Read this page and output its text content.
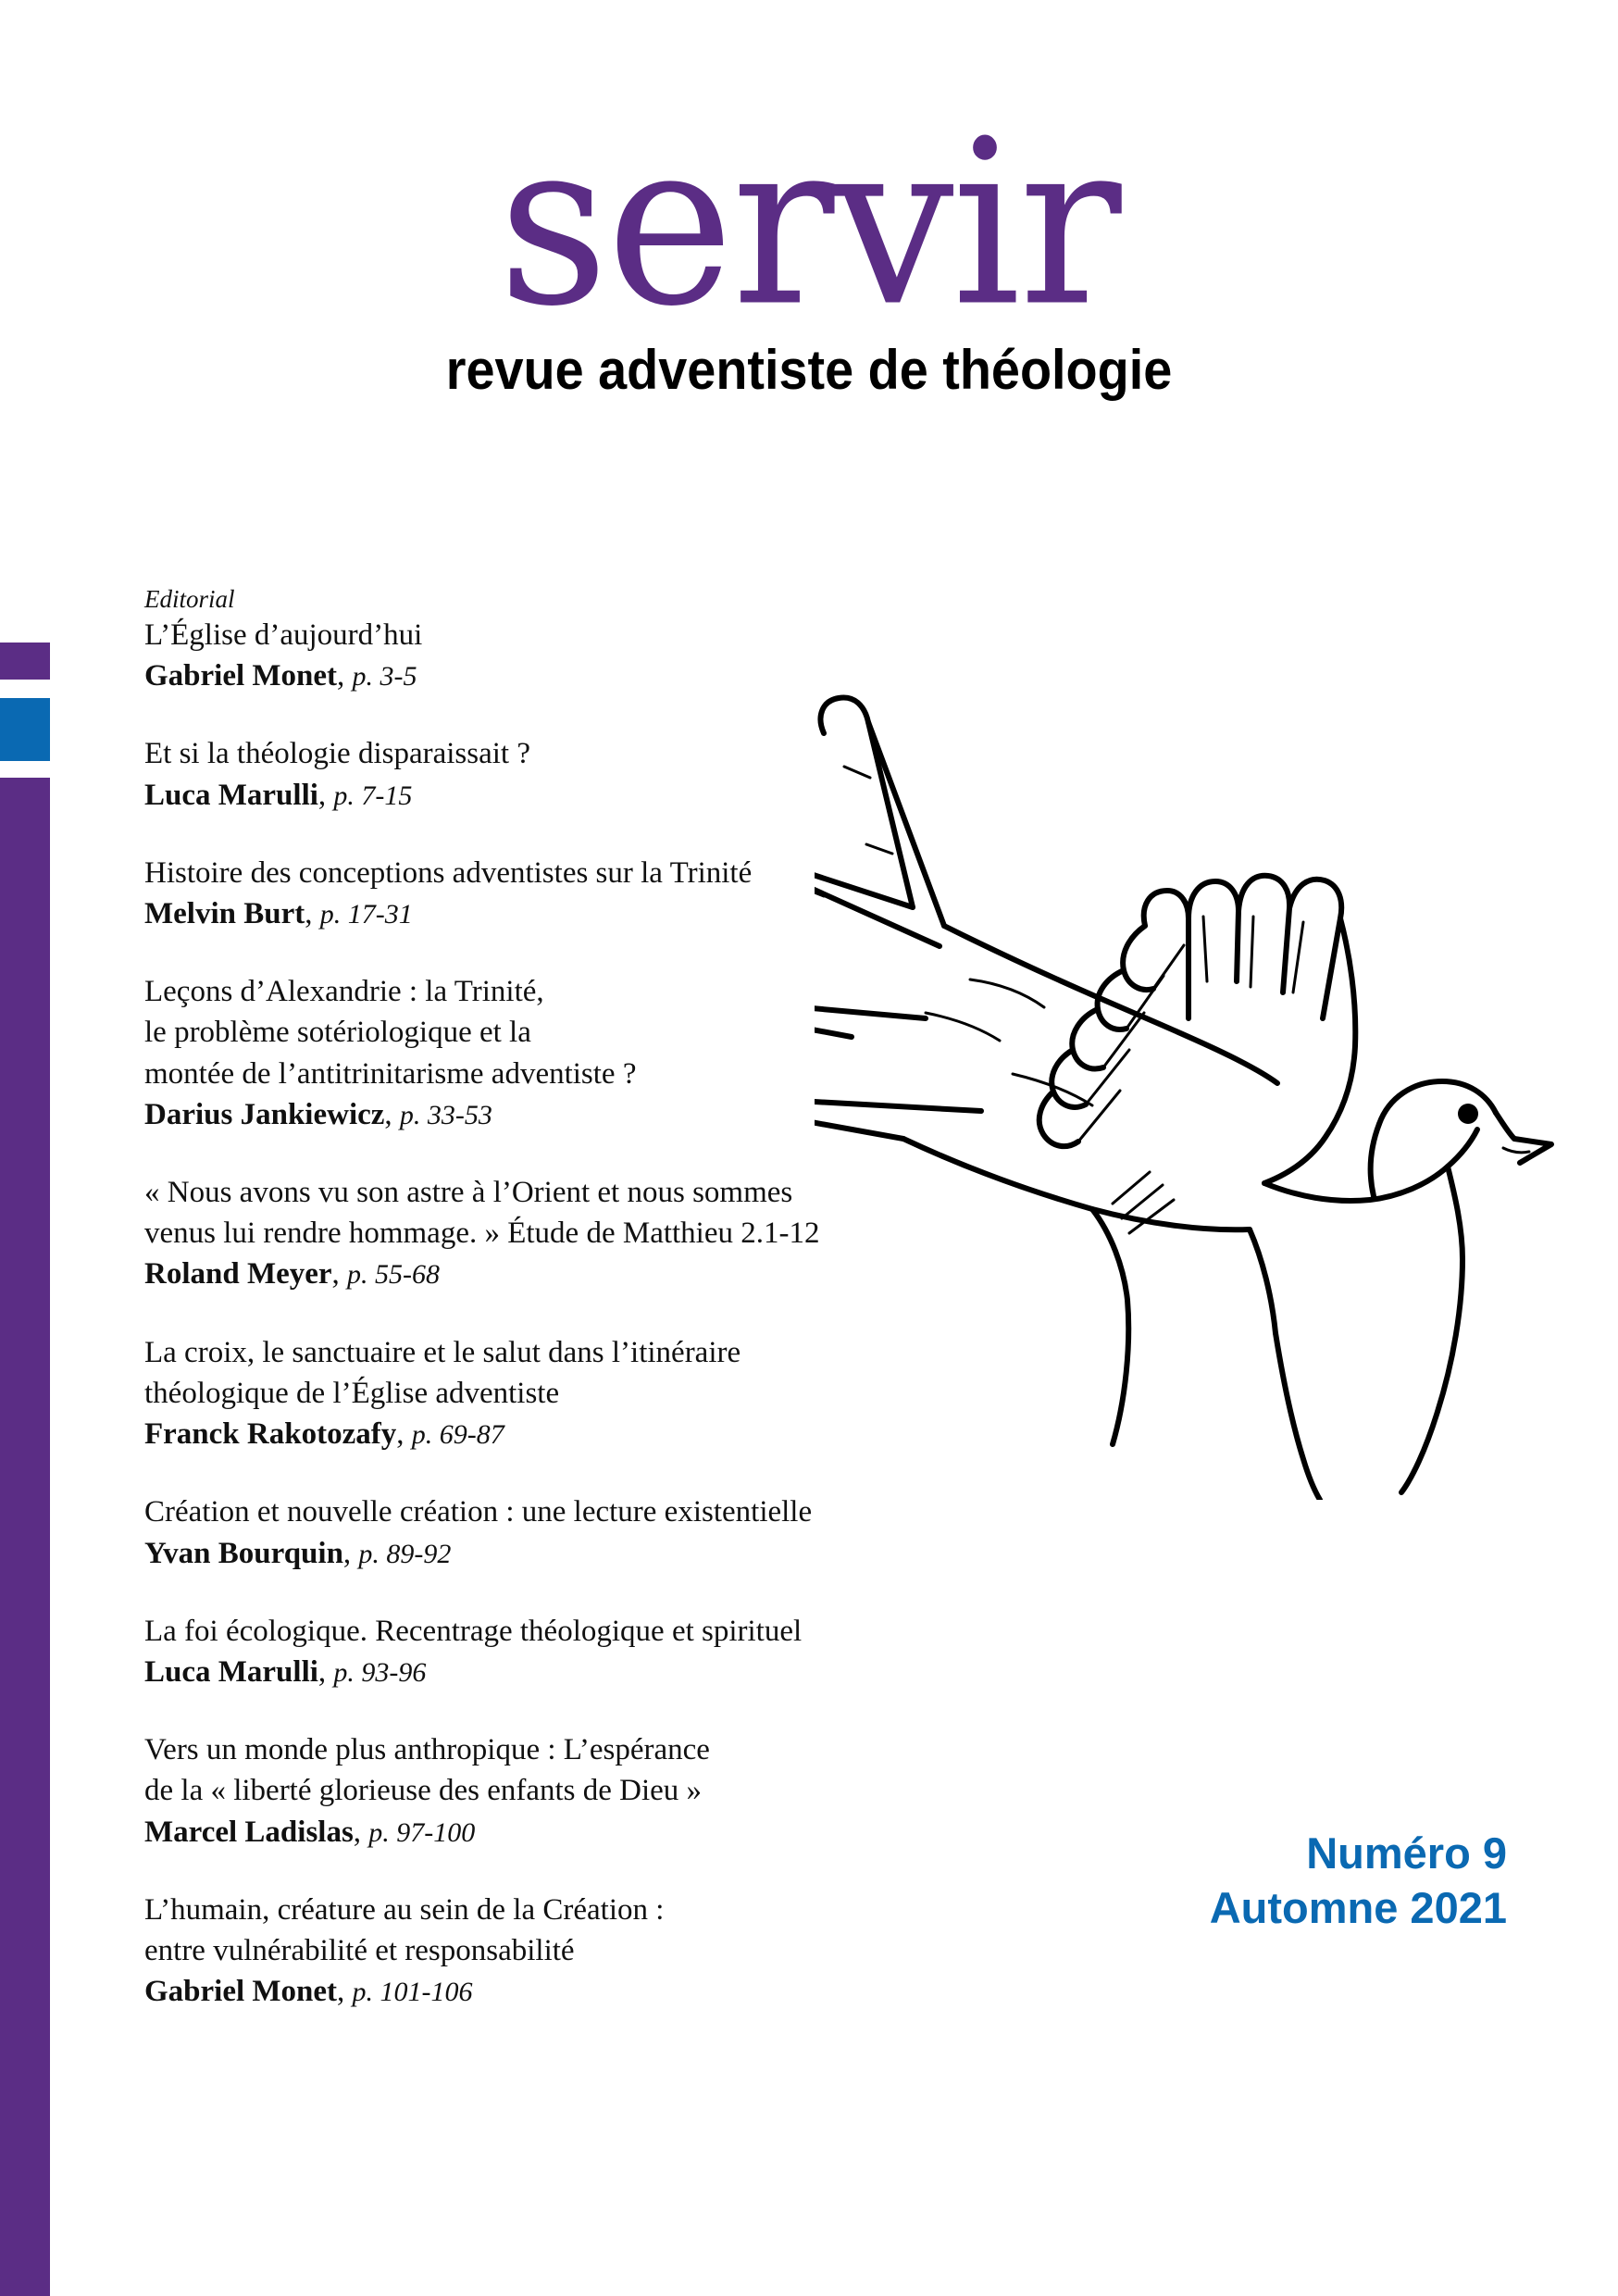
servir
revue adventiste de théologie
Editorial
L’Église d’aujourd’hui
Gabriel Monet, p. 3-5
Et si la théologie disparaissait ?
Luca Marulli, p. 7-15
Histoire des conceptions adventistes sur la Trinité
Melvin Burt, p. 17-31
Leçons d’Alexandrie : la Trinité,
le problème sotériologique et la
montée de l’antitrinitarisme adventiste ?
Darius Jankiewicz, p. 33-53
« Nous avons vu son astre à l’Orient et nous sommes
venus lui rendre hommage. » Étude de Matthieu 2.1-12
Roland Meyer, p. 55-68
La croix, le sanctuaire et le salut dans l’itinéraire
théologique de l’Église adventiste
Franck Rakotozafy, p. 69-87
Création et nouvelle création : une lecture existentielle
Yvan Bourquin, p. 89-92
La foi écologique. Recentrage théologique et spirituel
Luca Marulli, p. 93-96
Vers un monde plus anthropique : L’espérance
de la « liberté glorieuse des enfants de Dieu »
Marcel Ladislas, p. 97-100
L’humain, créature au sein de la Création :
entre vulnérabilité et responsabilité
Gabriel Monet, p. 101-106
Numéro 9
Automne 2021
